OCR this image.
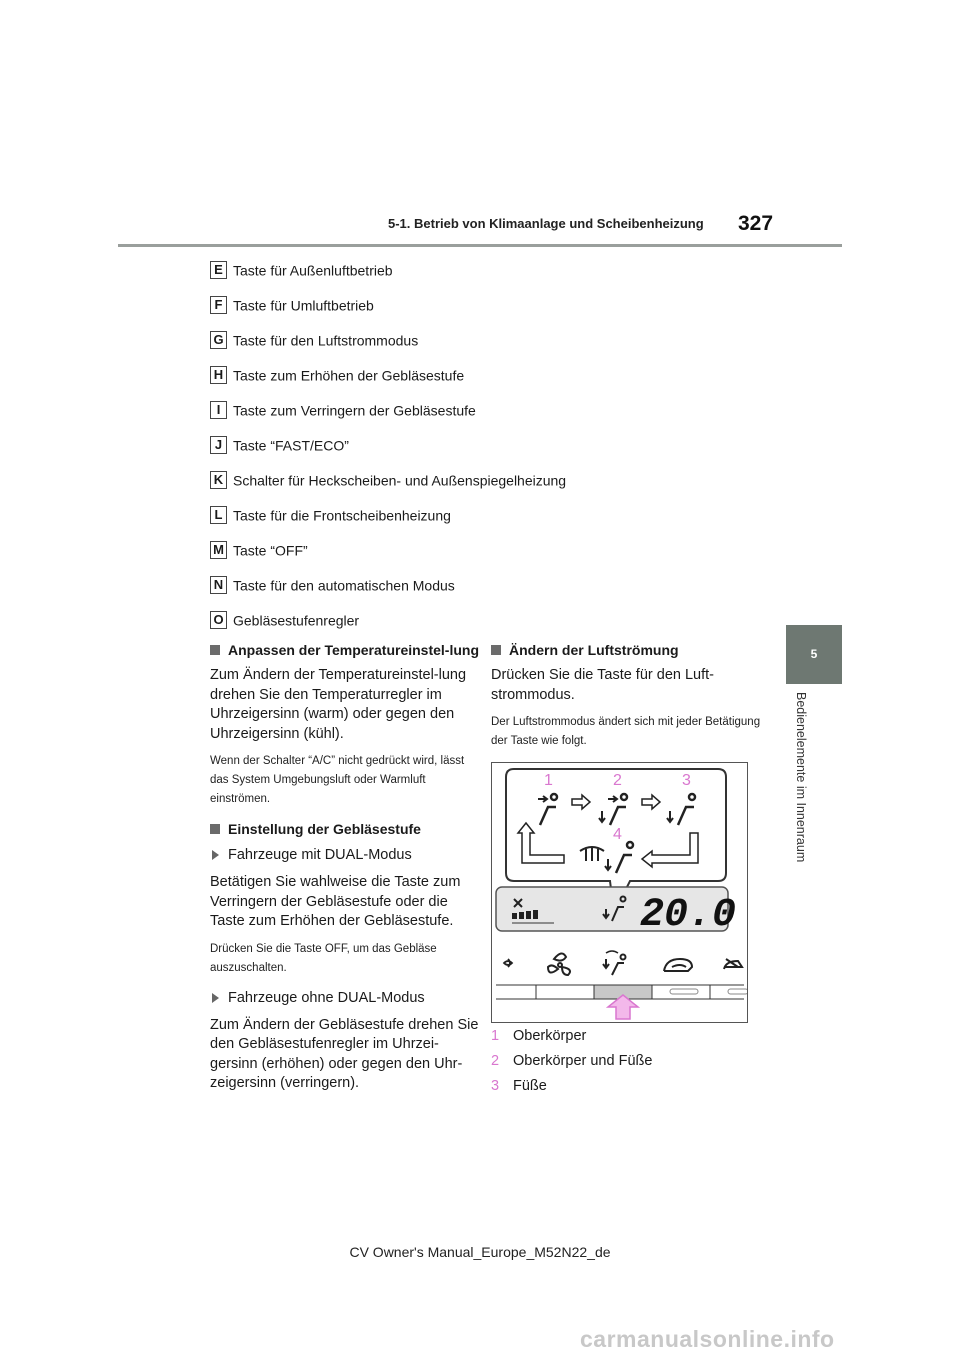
5-1. Betrieb von Klimaanlage und Scheibenheizung 327
5
Bedienelemente im Innenraum
E Taste für Außenluftbetrieb
F Taste für Umluftbetrieb
G Taste für den Luftstrommodus
H Taste zum Erhöhen der Gebläsestufe
I Taste zum Verringern der Gebläsestufe
J Taste “FAST/ECO”
K Schalter für Heckscheiben- und Außenspiegelheizung
L Taste für die Frontscheibenheizung
M Taste “OFF”
N Taste für den automatischen Modus
O Gebläsestufenregler
Anpassen der Temperatureinstel-lung
Zum Ändern der Temperatureinstel-lung drehen Sie den Temperaturregler im Uhrzeigersinn (warm) oder gegen den Uhrzeigersinn (kühl).
Wenn der Schalter “A/C” nicht gedrückt wird, lässt das System Umgebungsluft oder Warmluft einströmen.
Einstellung der Gebläsestufe
Fahrzeuge mit DUAL-Modus
Betätigen Sie wahlweise die Taste zum Verringern der Gebläsestufe oder die Taste zum Erhöhen der Gebläsestufe.
Drücken Sie die Taste OFF, um das Gebläse auszuschalten.
Fahrzeuge ohne DUAL-Modus
Zum Ändern der Gebläsestufe drehen Sie den Gebläsestufenregler im Uhrzei-gersinn (erhöhen) oder gegen den Uhr-zeigersinn (verringern).
Ändern der Luftströmung
Drücken Sie die Taste für den Luft-strommodus.
Der Luftstrommodus ändert sich mit jeder Betätigung der Taste wie folgt.
1	2	3
4
20.0
1 Oberkörper
2 Oberkörper und Füße
3 Füße
CV Owner's Manual_Europe_M52N22_de
carmanualsonline.info
